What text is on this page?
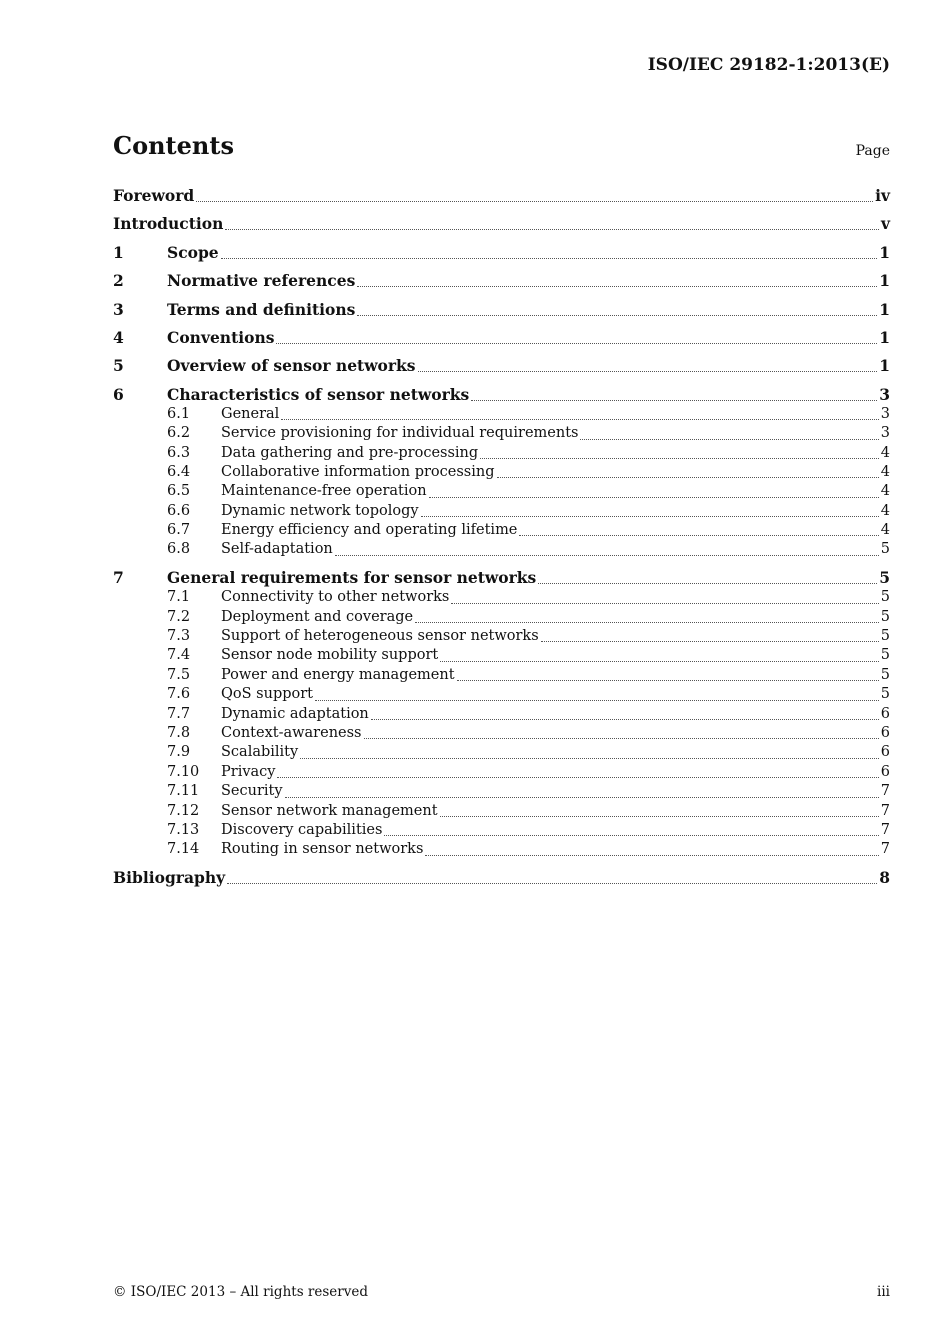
ISO/IEC 29182-1:2013(E)
Contents	Page
Foreword	iv
Introduction	v
1	Scope	1
2	Normative references	1
3	Terms and definitions	1
4	Conventions	1
5	Overview of sensor networks	1
6	Characteristics of sensor networks	3
6.1	General	3
6.2	Service provisioning for individual requirements	3
6.3	Data gathering and pre-processing	4
6.4	Collaborative information processing	4
6.5	Maintenance-free operation	4
6.6	Dynamic network topology	4
6.7	Energy efficiency and operating lifetime	4
6.8	Self-adaptation	5
7	General requirements for sensor networks	5
7.1	Connectivity to other networks	5
7.2	Deployment and coverage	5
7.3	Support of heterogeneous sensor networks	5
7.4	Sensor node mobility support	5
7.5	Power and energy management	5
7.6	QoS support	5
7.7	Dynamic adaptation	6
7.8	Context-awareness	6
7.9	Scalability	6
7.10	Privacy	6
7.11	Security	7
7.12	Sensor network management	7
7.13	Discovery capabilities	7
7.14	Routing in sensor networks	7
Bibliography	8
© ISO/IEC 2013 – All rights reserved	iii
